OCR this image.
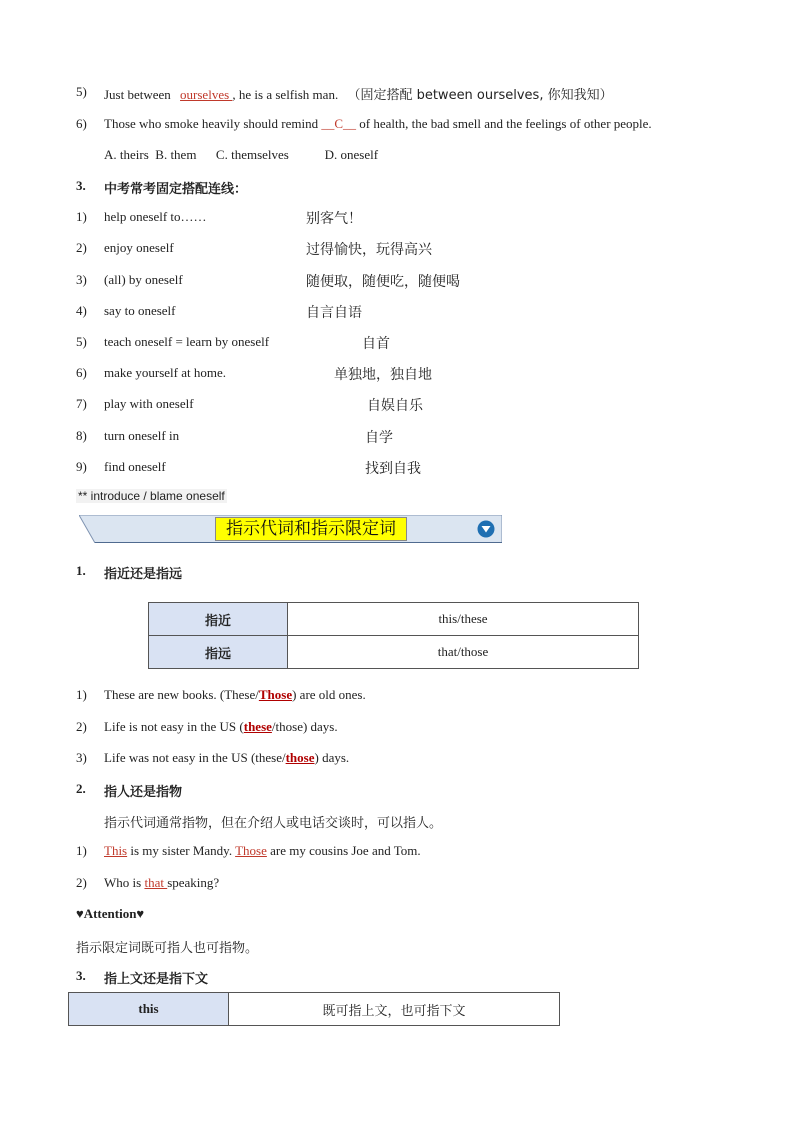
5) Just between ourselves , he is a selfish man. （固定搭配 between ourselves, 你知我知）
6) Those who smoke heavily should remind __C__ of health, the bad smell and the feelings of other people.
A. theirs  B. them      C. themselves           D. oneself
3. 中考常考固定搭配连线：
1) help oneself to……	别客气！
2) enjoy oneself	过得愉快，玩得高兴
3) (all) by oneself	随便取，随便吃，随便喝
4) say to oneself	自言自语
5) teach oneself = learn by oneself	自首
6) make yourself at home.	单独地，独自地
7) play with oneself	自娱自乐
8) turn oneself in	自学
9) find oneself	找到自我
** introduce / blame oneself
指示代词和指示限定词
1. 指近还是指远
指近	this/these
指远	that/those
1) These are new books. (These/Those) are old ones.
2) Life is not easy in the US (these/those) days.
3) Life was not easy in the US (these/those) days.
2. 指人还是指物
指示代词通常指物，但在介绍人或电话交谈时，可以指人。
1) This is my sister Mandy. Those are my cousins Joe and Tom.
2) Who is that speaking?
♥Attention♥
指示限定词既可指人也可指物。
3. 指上文还是指下文
this	既可指上文，也可指下文
